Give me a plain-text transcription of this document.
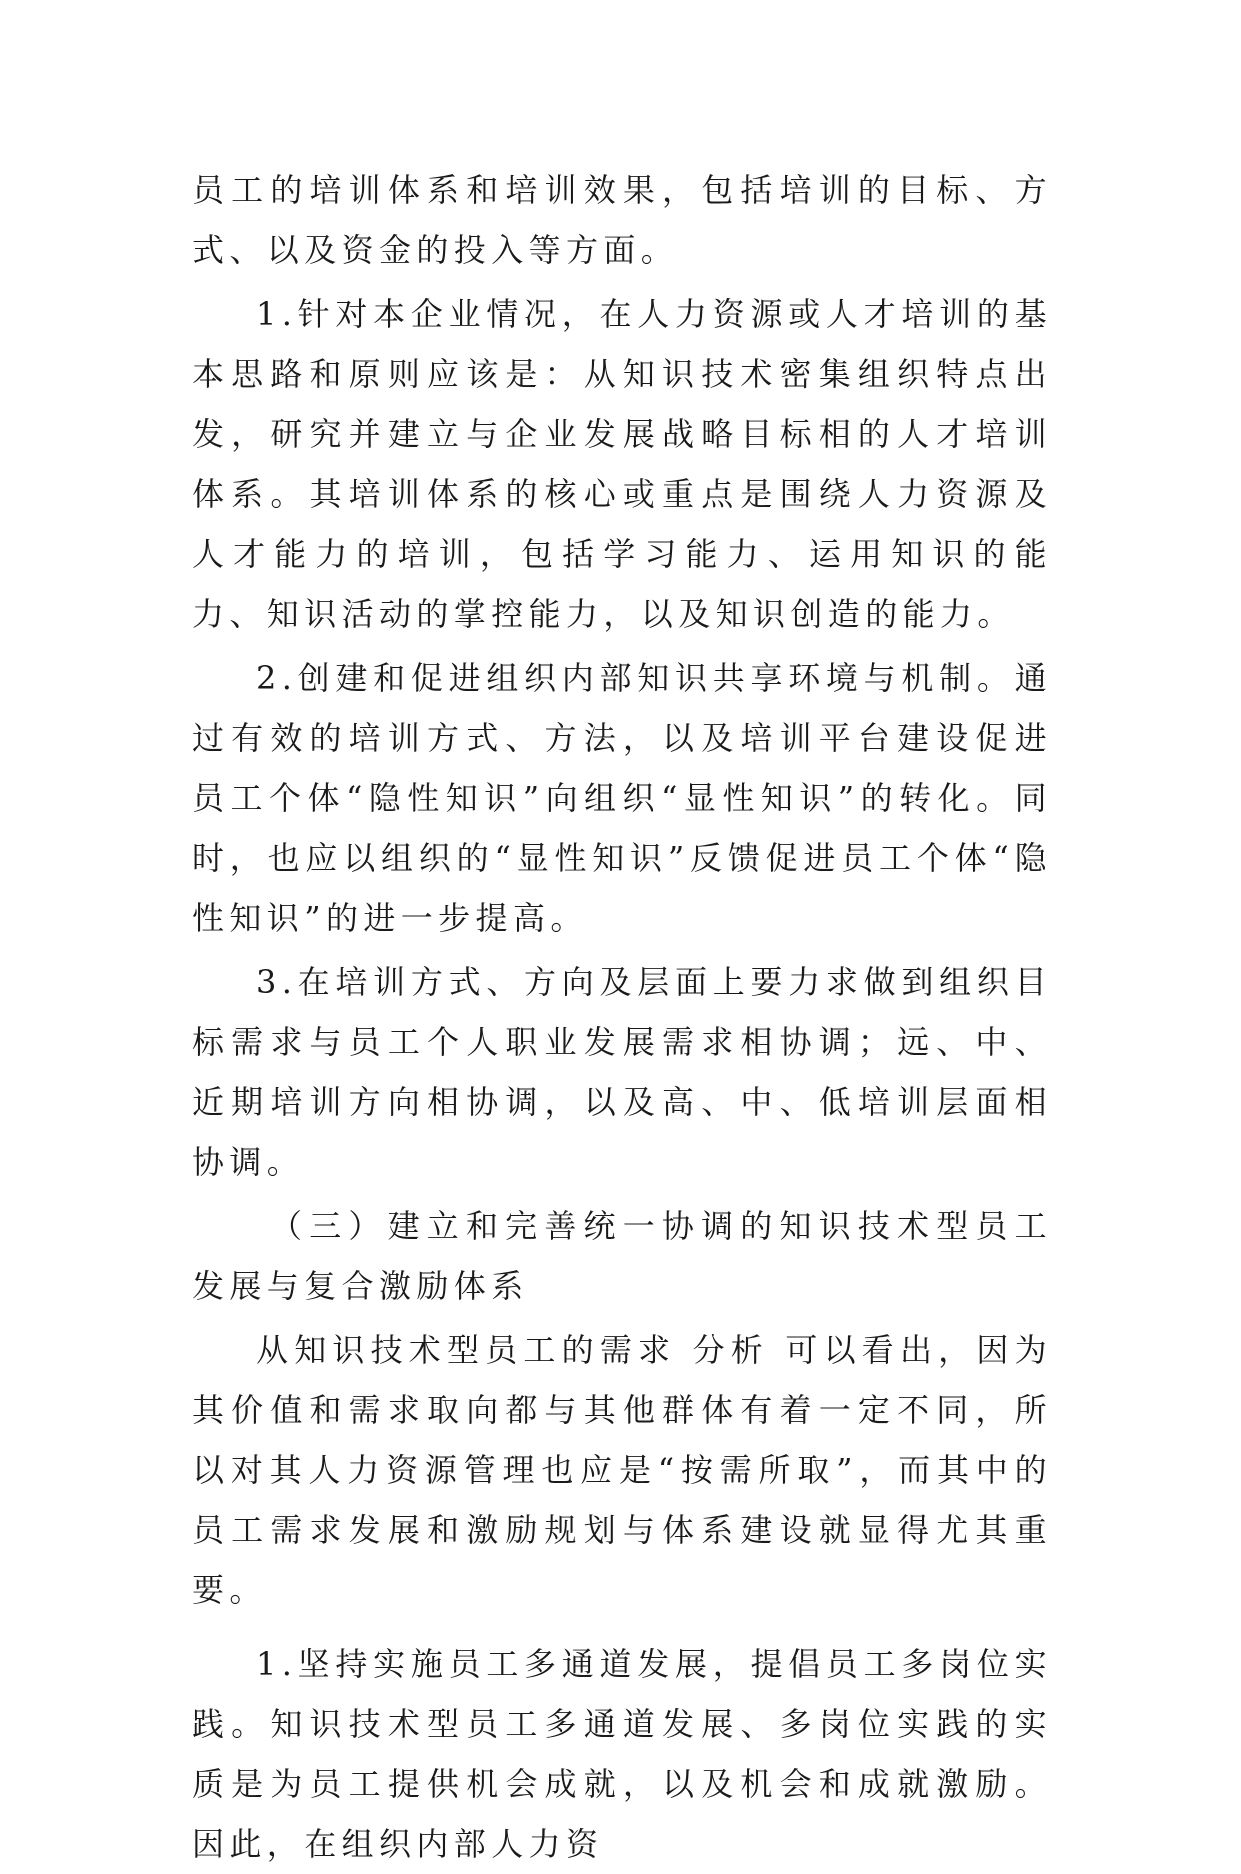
员工的培训体系和培训效果，包括培训的目标、方式、以及资金的投入等方面。

1.针对本企业情况，在人力资源或人才培训的基本思路和原则应该是：从知识技术密集组织特点出发，研究并建立与企业发展战略目标相的人才培训体系。其培训体系的核心或重点是围绕人力资源及人才能力的培训，包括学习能力、运用知识的能力、知识活动的掌控能力，以及知识创造的能力。

2.创建和促进组织内部知识共享环境与机制。通过有效的培训方式、方法，以及培训平台建设促进员工个体“隐性知识”向组织“显性知识”的转化。同时，也应以组织的“显性知识”反馈促进员工个体“隐性知识”的进一步提高。

3.在培训方式、方向及层面上要力求做到组织目标需求与员工个人职业发展需求相协调；远、中、近期培训方向相协调，以及高、中、低培训层面相协调。

（三）建立和完善统一协调的知识技术型员工发展与复合激励体系

从知识技术型员工的需求 分析 可以看出，因为其价值和需求取向都与其他群体有着一定不同，所以对其人力资源管理也应是“按需所取”，而其中的员工需求发展和激励规划与体系建设就显得尤其重要。

1.坚持实施员工多通道发展，提倡员工多岗位实践。知识技术型员工多通道发展、多岗位实践的实质是为员工提供机会成就，以及机会和成就激励。因此，在组织内部人力资
